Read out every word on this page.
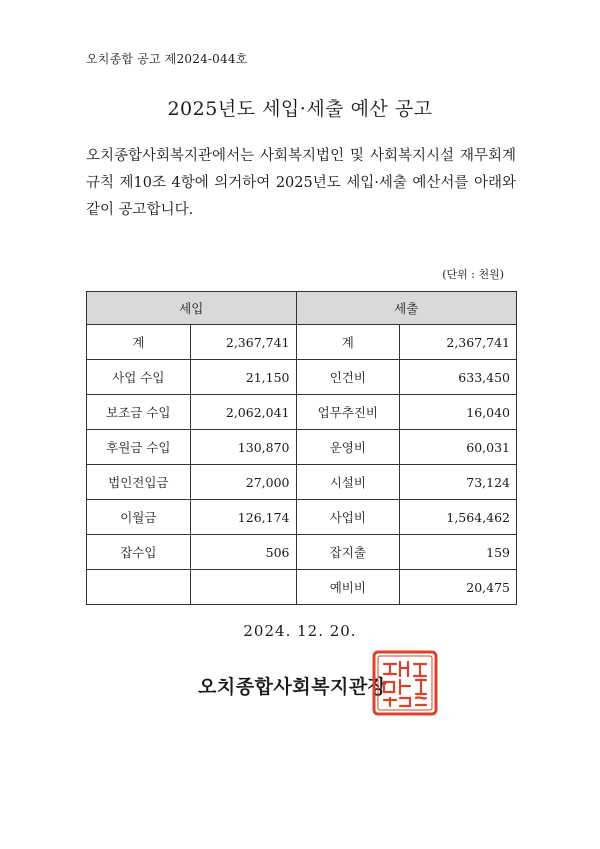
오치종합 공고 제2024-044호
2025년도 세입·세출 예산 공고
오치종합사회복지관에서는 사회복지법인 및 사회복지시설 재무회계규칙 제10조 4항에 의거하여 2025년도 세입·세출 예산서를 아래와 같이 공고합니다.
(단위 : 천원)
세입		세출	
계	2,367,741	계	2,367,741
사업 수입	21,150	인건비	633,450
보조금 수입	2,062,041	업무추진비	16,040
후원금 수입	130,870	운영비	60,031
법인전입금	27,000	시설비	73,124
이월금	126,174	사업비	1,564,462
잡수입	506	잡지출	159
		예비비	20,475
2024. 12. 20.
오치종합사회복지관장
